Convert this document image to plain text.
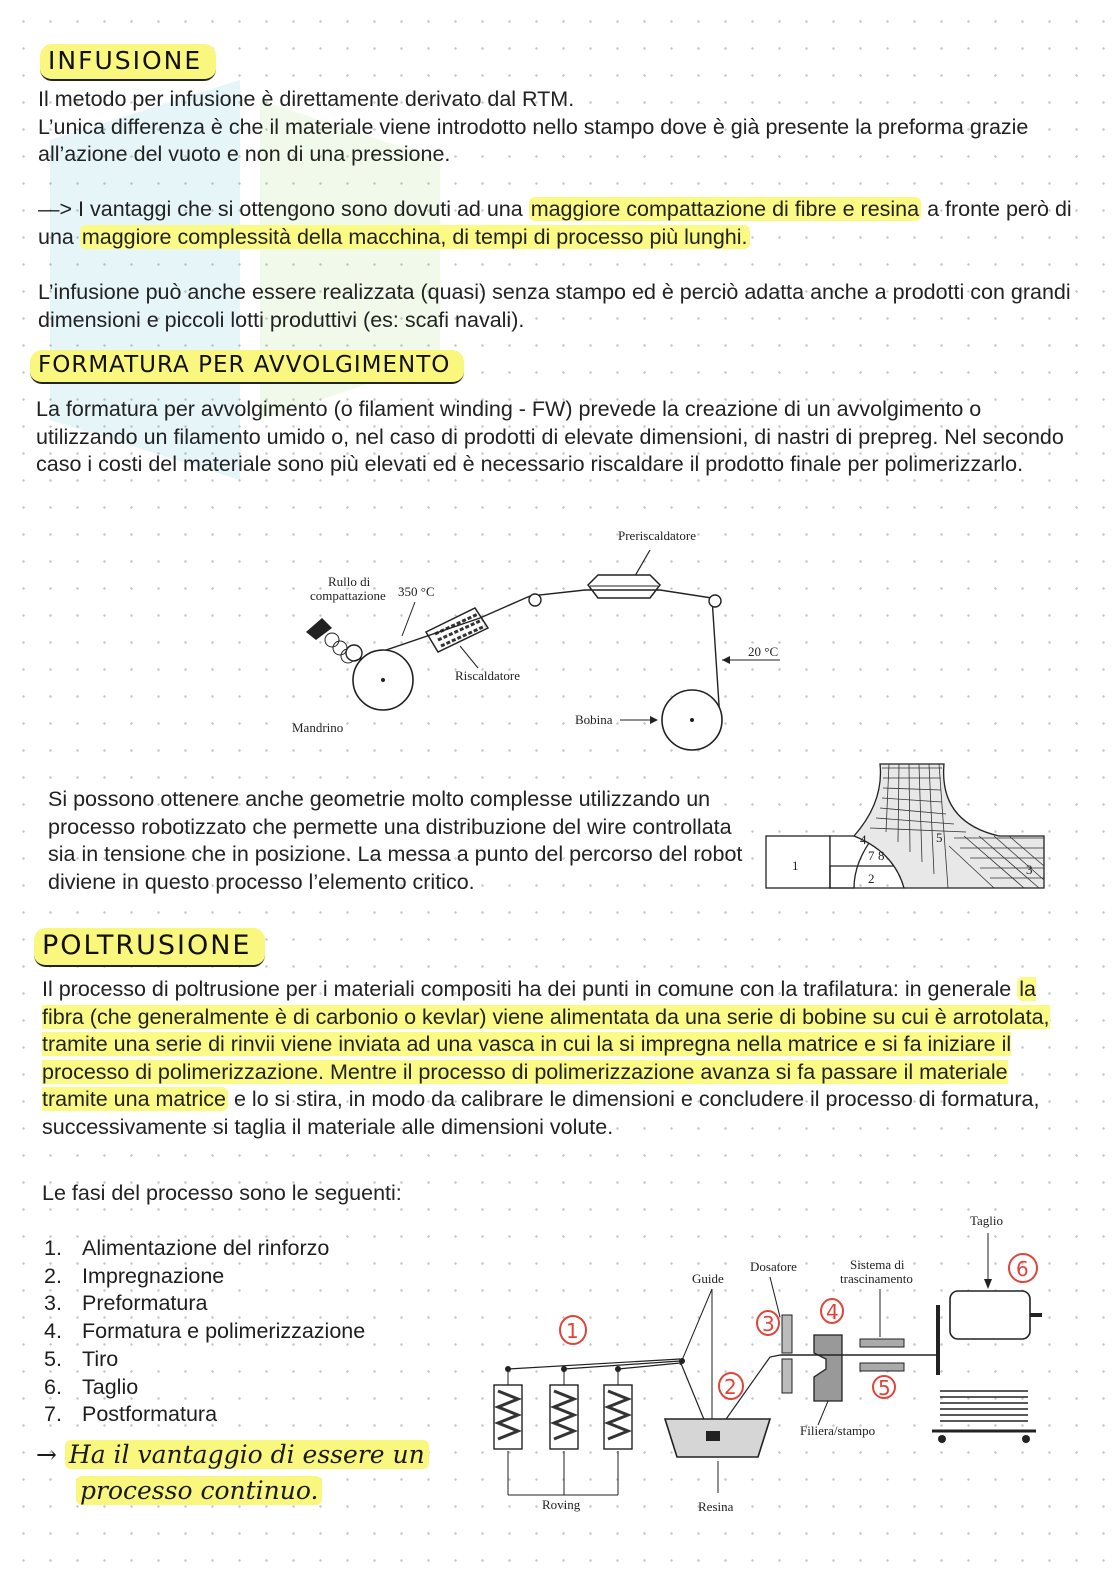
INFUSIONE

Il metodo per infusione è direttamente derivato dal RTM.

L’unica differenza è che il materiale viene introdotto nello stampo dove è già presente la preforma grazie all’azione del vuoto e non di una pressione.

—> I vantaggi che si ottengono sono dovuti ad una maggiore compattazione di fibre e resina a fronte però di una maggiore complessità della macchina, di tempi di processo più lunghi.
L’infusione può anche essere realizzata (quasi) senza stampo ed è perciò adatta anche a prodotti con grandi dimensioni e piccoli lotti produttivi (es: scafi navali).
FORMATURA PER AVVOLGIMENTO
La formatura per avvolgimento (o filament winding - FW) prevede la creazione di un avvolgimento o utilizzando un filamento umido o, nel caso di prodotti di elevate dimensioni, di nastri di prepreg. Nel secondo caso i costi del materiale sono più elevati ed è necessario riscaldare il prodotto finale per polimerizzarlo.
Preriscaldatore
Rullo di
compattazione 350 °C
Riscaldatore
Mandrino
20 °C
Bobina
Si possono ottenere anche geometrie molto complesse utilizzando un processo robotizzato che permette una distribuzione del wire controllata sia in tensione che in posizione. La messa a punto del percorso del robot diviene in questo processo l’elemento critico.
1
2
3
4	5
7 8
POLTRUSIONE
Il processo di poltrusione per i materiali compositi ha dei punti in comune con la trafilatura: in generale la fibra (che generalmente è di carbonio o kevlar) viene alimentata da una serie di bobine su cui è arrotolata, tramite una serie di rinvii viene inviata ad una vasca in cui la si impregna nella matrice e si fa iniziare il processo di polimerizzazione. Mentre il processo di polimerizzazione avanza si fa passare il materiale tramite una matrice e lo si stira, in modo da calibrare le dimensioni e concludere il processo di formatura, successivamente si taglia il materiale alle dimensioni volute.
Le fasi del processo sono le seguenti:
1. Alimentazione del rinforzo
2. Impregnazione
3. Preformatura
4. Formatura e polimerizzazione
5. Tiro
6. Taglio
7. Postformatura
→ Ha il vantaggio di essere un
processo continuo.
Taglio
Dosatore	Sistema di
trascinamento
Guide
Roving	Resina
Filiera/stampo
1
2
3	4
5
6
